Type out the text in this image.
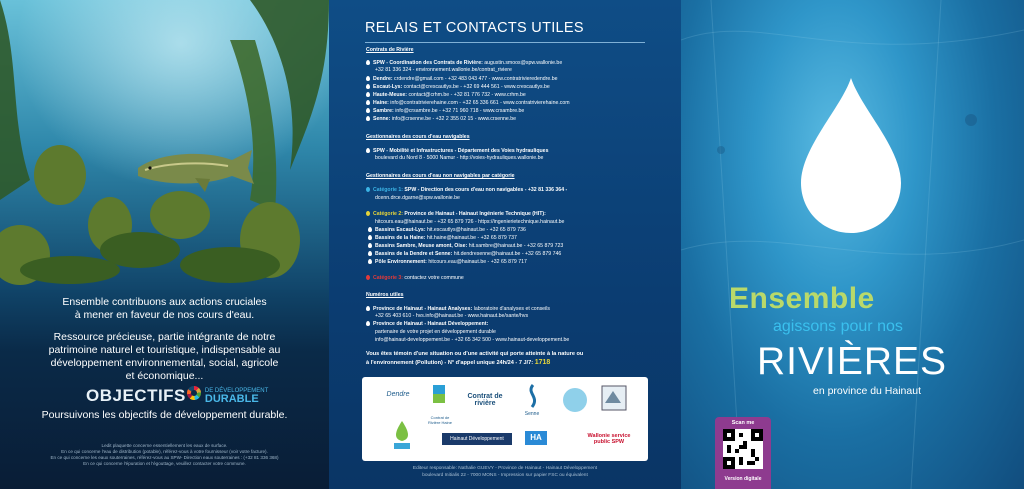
Ensemble contribuons aux actions cruciales
à mener en faveur de nos cours d'eau.
Ressource précieuse, partie intégrante de notre
patrimoine naturel et touristique, indispensable au
développement environnemental, social, agricole
et économique...
OBJECTIFS	DE DÉVELOPPEMENT
DURABLE
Poursuivons les objectifs de développement durable.
Ledit plaquette concerne essentiellement les eaux de surface.
En ce qui concerne l'eau de distribution (potable), référez-vous à votre fournisseur (voir votre facture).
En ce qui concerne les eaux souterraines, référez-vous au SPW- Direction eaux souterraines : (+32 81 336 368)
En ce qui concerne l'épuration et l'égouttage, veuillez contacter votre commune.
RELAIS ET CONTACTS UTILES
Contrats de Rivière
SPW - Coordination des Contrats de Rivière: augustin.smoos@spw.wallonie.be
+32 81 336 324 - environnement.wallonie.be/contrat_riviere
Dendre: crdendre@gmail.com - +32 483 043 477 - www.contratrivieredendre.be
Escaut-Lys: contact@crescautlys.be - +32 69 444 561 - www.crescautlys.be
Haute-Meuse: contact@crhm.be - +32 81 776 732 - www.crhm.be
Haine: info@contratrivierehaine.com - +32 65 336 661 - www.contratrivierehaine.com
Sambre: info@crsambre.be - +32 71 960 718 - www.crsambre.be
Senne: info@crsenne.be - +32 2 355 02 15 - www.crsenne.be
Gestionnaires des cours d'eau navigables
SPW - Mobilité et Infrastructures - Département des Voies hydrauliques
boulevard du Nord 8 - 5000 Namur - http://voies-hydrauliques.wallonie.be
Gestionnaires des cours d'eau non navigables par catégorie
Catégorie 1: SPW - Direction des cours d'eau non navigables - +32 81 336 364 -
dcenn.drce.dgarne@spw.wallonie.be
Catégorie 2: Province de Hainaut - Hainaut Ingénierie Technique (HIT):
hitcours.eau@hainaut.be - +32 65 879 726 - https://ingenierietechnique.hainaut.be
Bassins Escaut-Lys: hit.escautlys@hainaut.be - +32 65 879 736
Bassins de la Haine: hit.haine@hainaut.be - +32 65 879 737
Bassins Sambre, Meuse amont, Oise: hit.sambre@hainaut.be - +32 65 879 723
Bassins de la Dendre et Senne: hit.dendresenne@hainaut.be - +32 65 879 746
Pôle Environnement: hitcours.eau@hainaut.be - +32 65 879 717
Catégorie 3: contactez votre commune
Numéros utiles
Province de Hainaut - Hainaut Analyses: laboratoire d'analyses et conseils
+32 65 403 610 - hvs.info@hainaut.be - www.hainaut.be/sante/hvs
Province de Hainaut - Hainaut Développement:
partenaire de votre projet en développement durable
info@hainaut-developpement.be - +32 65 342 500 - www.hainaut-developpement.be
Vous êtes témoin d'une situation ou d'une activité qui porte atteinte à la nature ou
à l'environnement (Pollution) - N° d'appel unique 24h/24 - 7 J/7: 1718
Dendre
Contrat de Rivière Haine
Contrat de rivière
Senne
Hainaut Développement	HA	Wallonie service public SPW
Editeur responsable: Nathalie GUEVY - Province de Hainaut - Hainaut Développement
boulevard Initialis 22 - 7000 MONS - Impression sur papier FSC ou équivalent
Ensemble
agissons pour nos
RIVIÈRES
en province du Hainaut
Scan me
Version digitale
